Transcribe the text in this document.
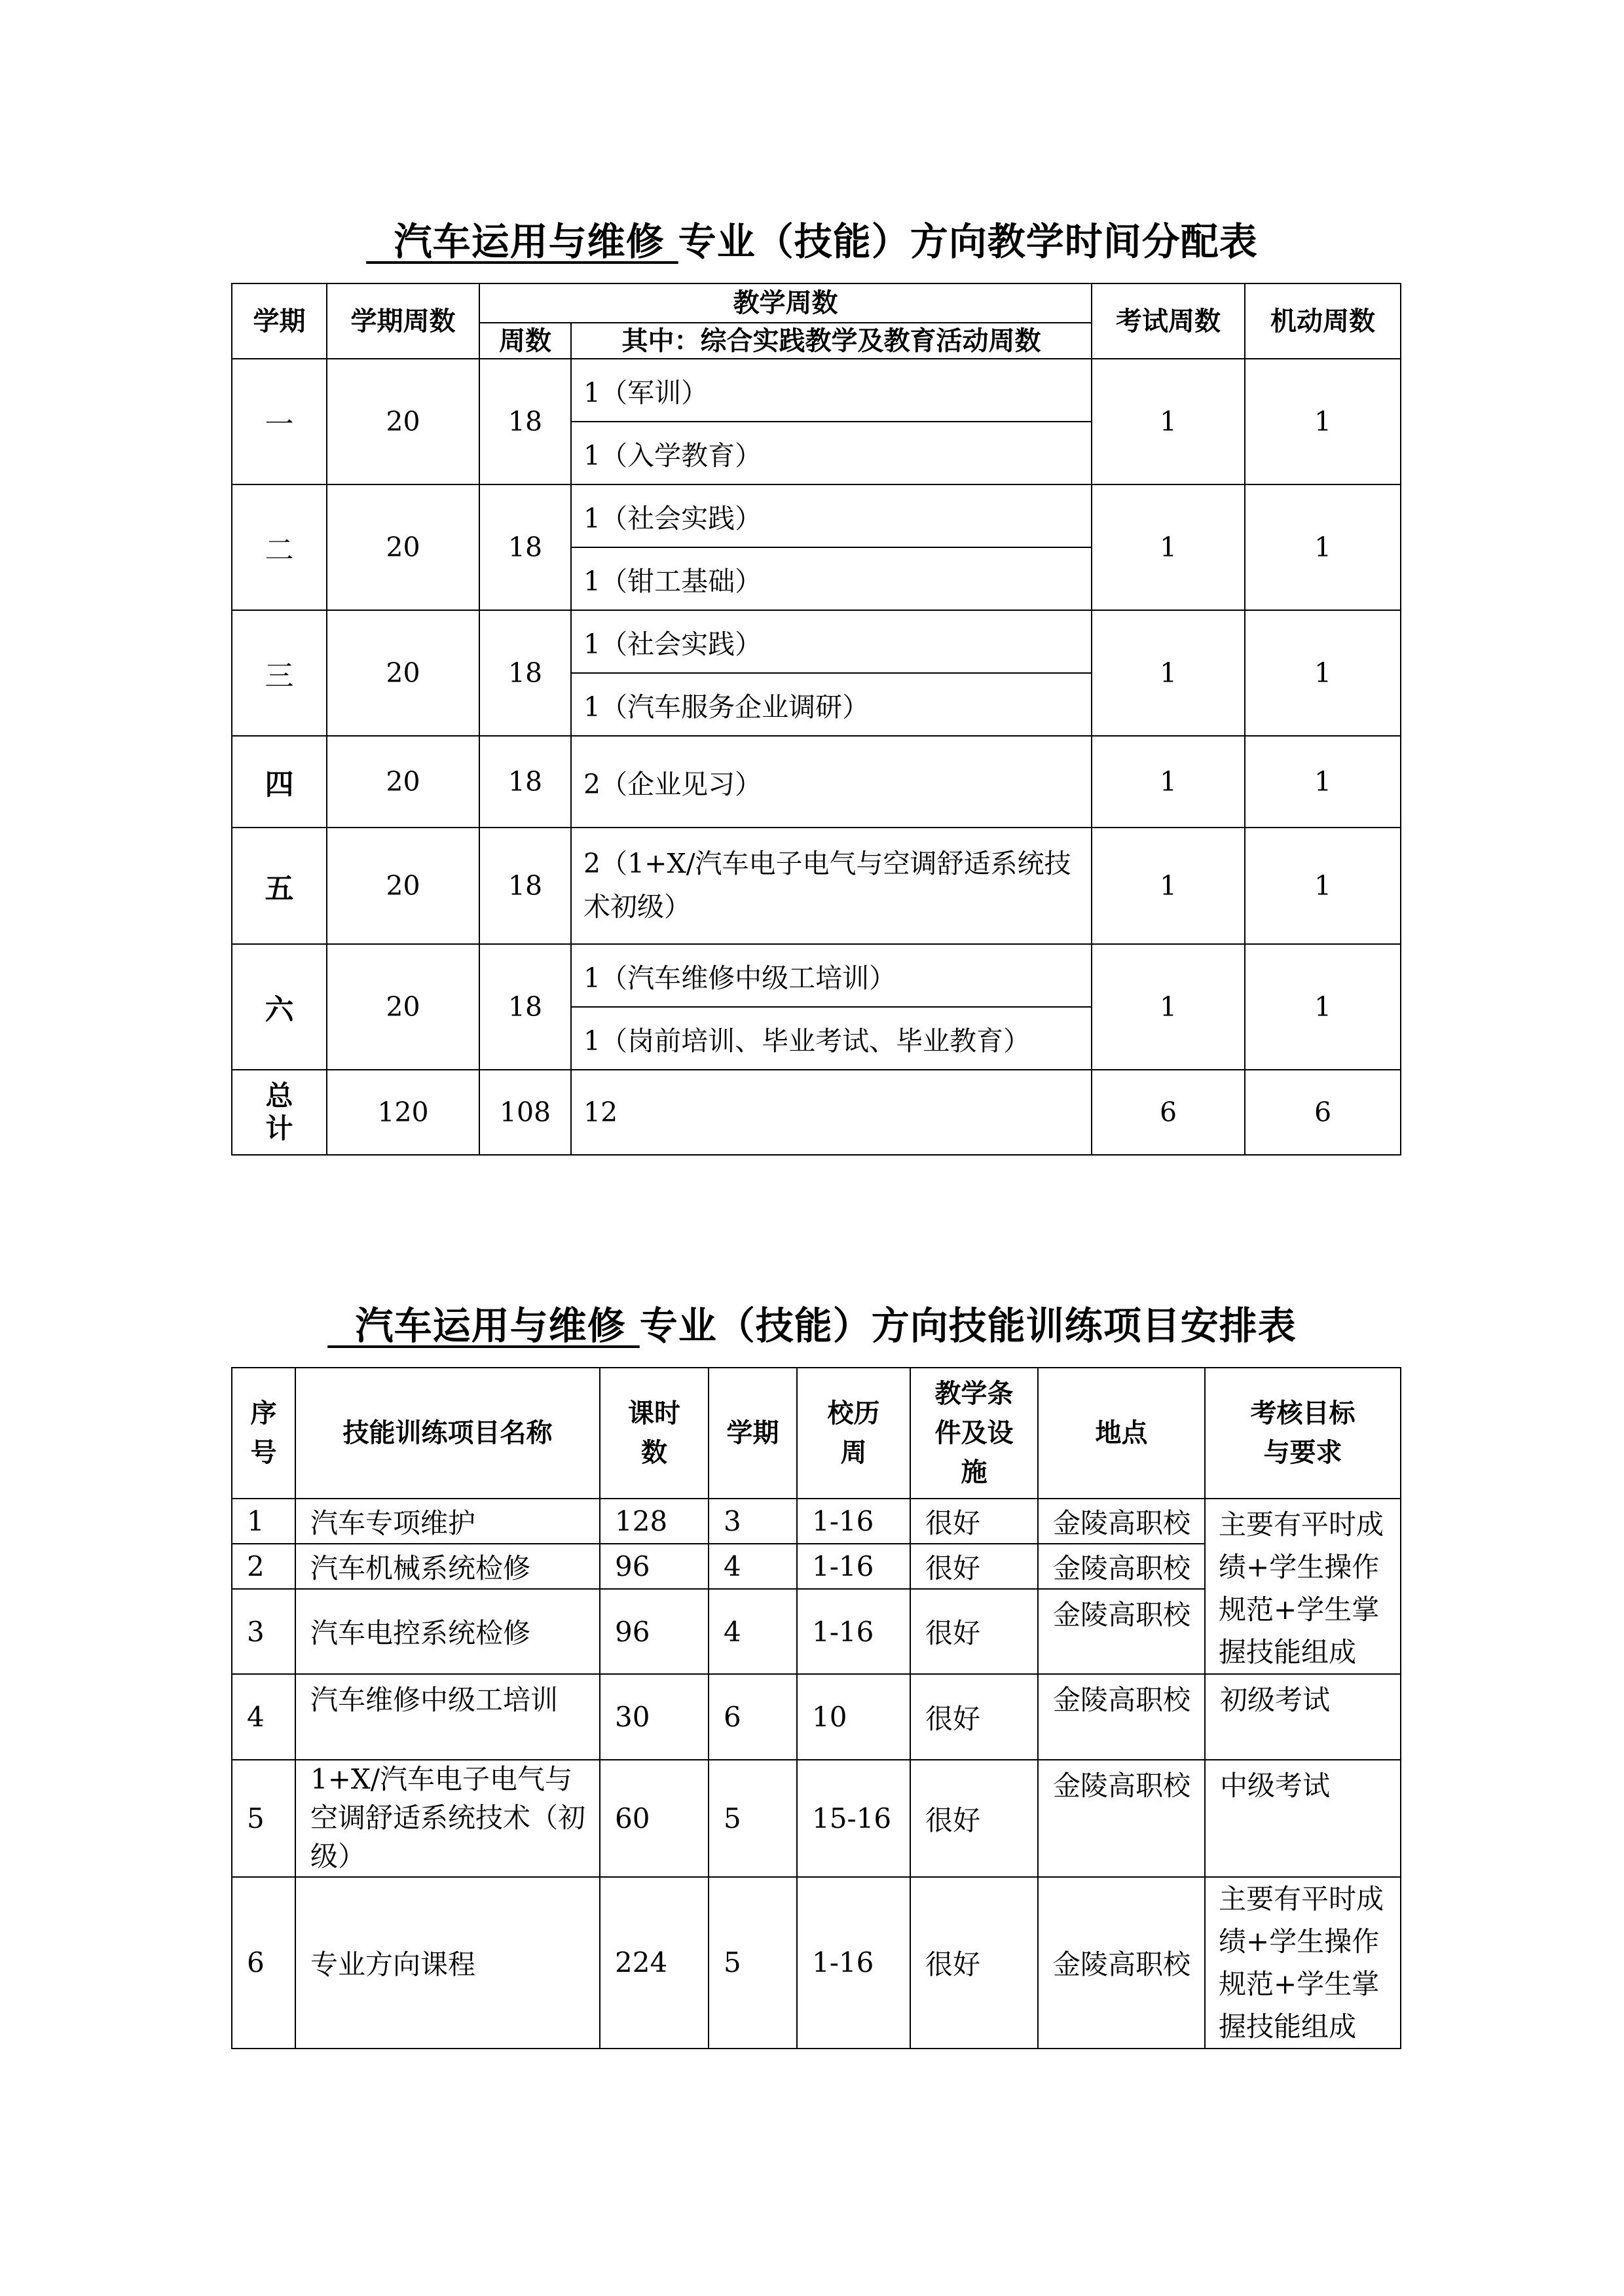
汽车运用与维修 专业（技能）方向教学时间分配表
学期	学期周数	教学周数		考试周数	机动周数
		周数	其中：综合实践教学及教育活动周数		
一	20	18	1（军训）	1	1
			1（入学教育）		
二	20	18	1（社会实践）	1	1
			1（钳工基础）		
三	20	18	1（社会实践）	1	1
			1（汽车服务企业调研）		
四	20	18	2（企业见习）	1	1
五	20	18	2（1+X/汽车电子电气与空调舒适系统技术初级）	1	1
六	20	18	1（汽车维修中级工培训）	1	1
			1（岗前培训、毕业考试、毕业教育）		

总计	120	108	12	6	6
汽车运用与维修 专业（技能）方向技能训练项目安排表
序号	技能训练项目名称	课时数	学期	校历周	教学条件及设施	地点	考核目标与要求

1	汽车专项维护	128	3	1-16	很好	金陵高职校	主要有平时成绩+学生操作规范+学生掌握技能组成
2	汽车机械系统检修	96	4	1-16	很好	金陵高职校	
3	汽车电控系统检修	96	4	1-16	很好	金陵高职校	
4	汽车维修中级工培训	30	6	10	很好	金陵高职校	初级考试
5	1+X/汽车电子电气与空调舒适系统技术（初级）	60	5	15-16	很好	金陵高职校	中级考试
6	专业方向课程	224	5	1-16	很好	金陵高职校	主要有平时成绩+学生操作规范+学生掌握技能组成
